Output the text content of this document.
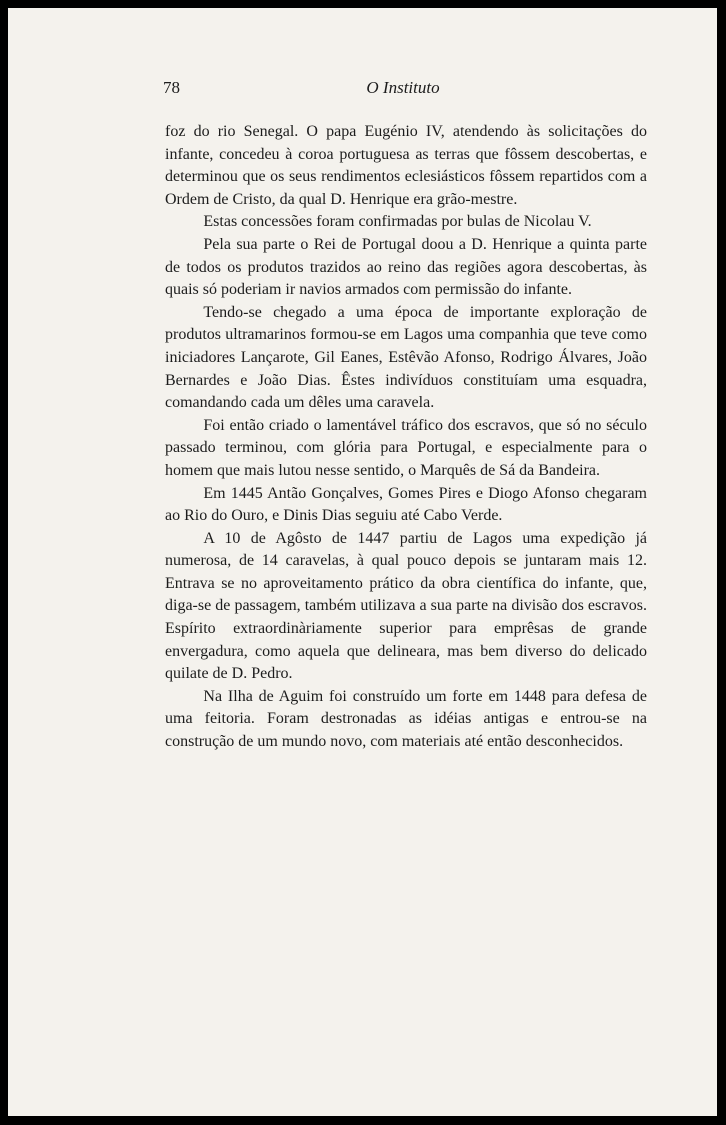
78	O Instituto

foz do rio Senegal. O papa Eugénio IV, atendendo às solicitações do infante, concedeu à coroa portuguesa as terras que fôssem descobertas, e determinou que os seus rendimentos eclesiásticos fôssem repartidos com a Ordem de Cristo, da qual D. Henrique era grão-mestre.

Estas concessões foram confirmadas por bulas de Nicolau V.

Pela sua parte o Rei de Portugal doou a D. Henrique a quinta parte de todos os produtos trazidos ao reino das regiões agora descobertas, às quais só poderiam ir navios armados com permissão do infante.

Tendo-se chegado a uma época de importante exploração de produtos ultramarinos formou-se em Lagos uma companhia que teve como iniciadores Lançarote, Gil Eanes, Estêvão Afonso, Rodrigo Álvares, João Bernardes e João Dias. Êstes indivíduos constituíam uma esquadra, comandando cada um dêles uma caravela.

Foi então criado o lamentável tráfico dos escravos, que só no século passado terminou, com glória para Portugal, e especialmente para o homem que mais lutou nesse sentido, o Marquês de Sá da Bandeira.

Em 1445 Antão Gonçalves, Gomes Pires e Diogo Afonso chegaram ao Rio do Ouro, e Dinis Dias seguiu até Cabo Verde.

A 10 de Agôsto de 1447 partiu de Lagos uma expedição já numerosa, de 14 caravelas, à qual pouco depois se juntaram mais 12. Entrava se no aproveitamento prático da obra científica do infante, que, diga-se de passagem, também utilizava a sua parte na divisão dos escravos. Espírito extraordinàriamente superior para emprêsas de grande envergadura, como aquela que delineara, mas bem diverso do delicado quilate de D. Pedro.

Na Ilha de Aguim foi construído um forte em 1448 para defesa de uma feitoria. Foram destronadas as idéias antigas e entrou-se na construção de um mundo novo, com materiais até então desconhecidos.
